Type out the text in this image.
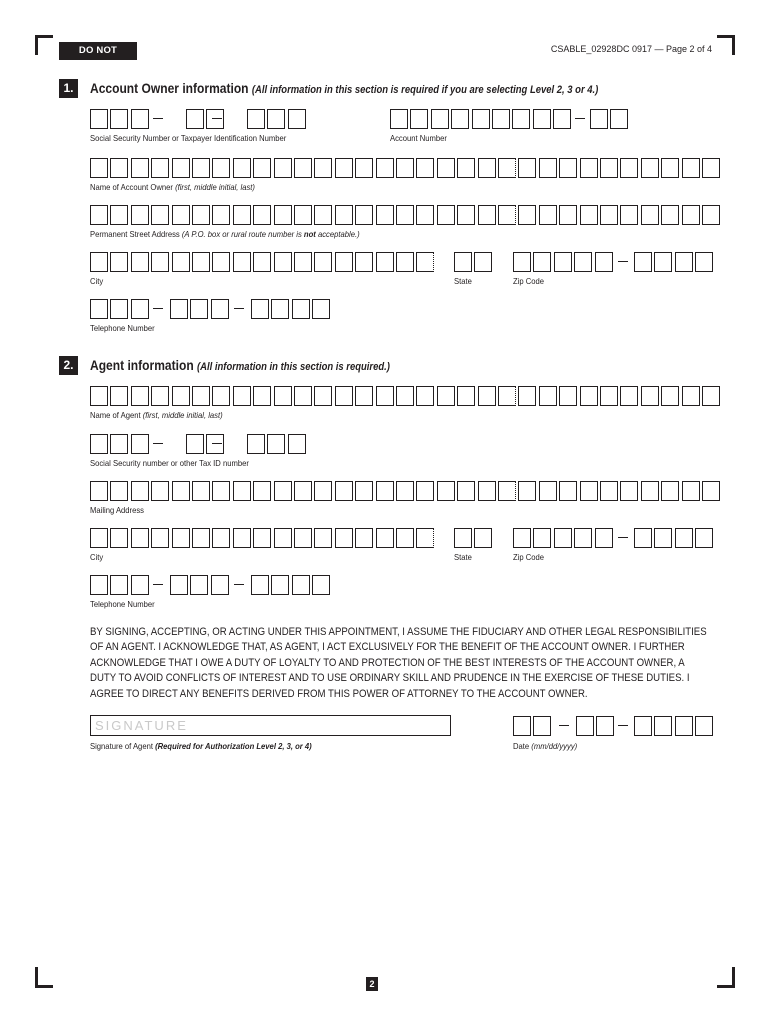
DO NOT STAPLE
CSABLE_02928DC 0917 — Page 2 of 4
1.	Account Owner information (All information in this section is required if you are selecting Level 2, 3 or 4.)
Social Security Number or Taxpayer Identification Number	Account Number
Name of Account Owner (first, middle initial, last)
Permanent Street Address (A P.O. box or rural route number is not acceptable.)
City	State	Zip Code
Telephone Number
2.	Agent information (All information in this section is required.)
Name of Agent (first, middle initial, last)
Social Security number or other Tax ID number
Mailing Address
City	State	Zip Code
Telephone Number
BY SIGNING, ACCEPTING, OR ACTING UNDER THIS APPOINTMENT, I ASSUME THE FIDUCIARY AND OTHER LEGAL RESPONSIBILITIES OF AN AGENT. I ACKNOWLEDGE THAT, AS AGENT, I ACT EXCLUSIVELY FOR THE BENEFIT OF THE ACCOUNT OWNER. I FURTHER ACKNOWLEDGE THAT I OWE A DUTY OF LOYALTY TO AND PROTECTION OF THE BEST INTERESTS OF THE ACCOUNT OWNER, A DUTY TO AVOID CONFLICTS OF INTEREST AND TO USE ORDINARY SKILL AND PRUDENCE IN THE EXERCISE OF THESE DUTIES. I AGREE TO DIRECT ANY BENEFITS DERIVED FROM THIS POWER OF ATTORNEY TO THE ACCOUNT OWNER.
SIGNATURE
Signature of Agent (Required for Authorization Level 2, 3, or 4)	Date (mm/dd/yyyy)
2
